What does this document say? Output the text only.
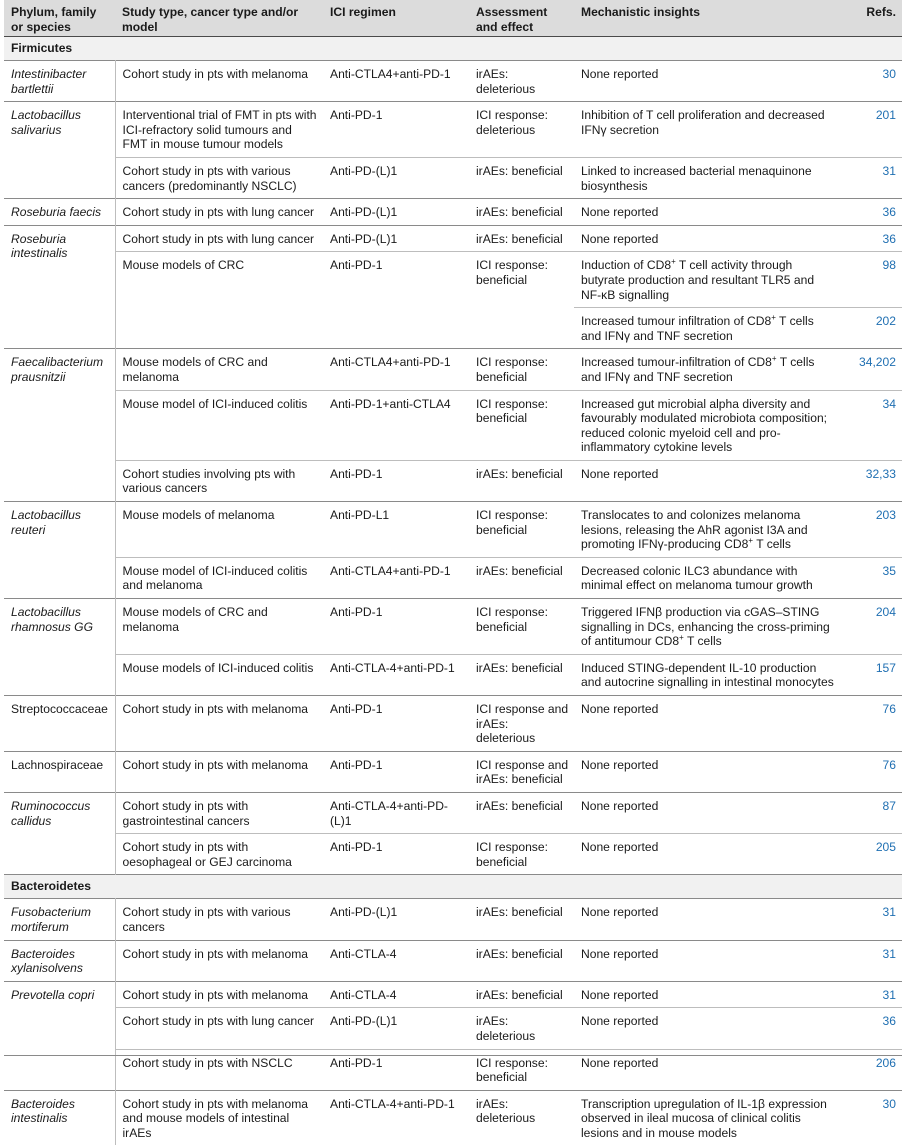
Phylum, family or species	Study type, cancer type and/or model	ICI regimen	Assessment and effect	Mechanistic insights	Refs.
Firmicutes					
Intestinibacter bartlettii	Cohort study in pts with melanoma	Anti-CTLA4+anti-PD-1	irAEs: deleterious	None reported	30
Lactobacillus salivarius	Interventional trial of FMT in pts with ICI-refractory solid tumours and FMT in mouse tumour models	Anti-PD-1	ICI response: deleterious	Inhibition of T cell proliferation and decreased IFNγ secretion	201
	Cohort study in pts with various cancers (predominantly NSCLC)	Anti-PD-(L)1	irAEs: beneficial	Linked to increased bacterial menaquinone biosynthesis	31
Roseburia faecis	Cohort study in pts with lung cancer	Anti-PD-(L)1	irAEs: beneficial	None reported	36
Roseburia intestinalis	Cohort study in pts with lung cancer	Anti-PD-(L)1	irAEs: beneficial	None reported	36
	Mouse models of CRC	Anti-PD-1	ICI response: beneficial	Induction of CD8+ T cell activity through butyrate production and resultant TLR5 and NF-κB signalling	98
				Increased tumour infiltration of CD8+ T cells and IFNγ and TNF secretion	202
Faecalibacterium prausnitzii	Mouse models of CRC and melanoma	Anti-CTLA4+anti-PD-1	ICI response: beneficial	Increased tumour-infiltration of CD8+ T cells and IFNγ and TNF secretion	34,202
	Mouse model of ICI-induced colitis	Anti-PD-1+anti-CTLA4	ICI response: beneficial	Increased gut microbial alpha diversity and favourably modulated microbiota composition; reduced colonic myeloid cell and pro-inflammatory cytokine levels	34
	Cohort studies involving pts with various cancers	Anti-PD-1	irAEs: beneficial	None reported	32,33
Lactobacillus reuteri	Mouse models of melanoma	Anti-PD-L1	ICI response: beneficial	Translocates to and colonizes melanoma lesions, releasing the AhR agonist I3A and promoting IFNγ-producing CD8+ T cells	203
	Mouse model of ICI-induced colitis and melanoma	Anti-CTLA4+anti-PD-1	irAEs: beneficial	Decreased colonic ILC3 abundance with minimal effect on melanoma tumour growth	35
Lactobacillus rhamnosus GG	Mouse models of CRC and melanoma	Anti-PD-1	ICI response: beneficial	Triggered IFNβ production via cGAS–STING signalling in DCs, enhancing the cross-priming of antitumour CD8+ T cells	204
	Mouse models of ICI-induced colitis	Anti-CTLA-4+anti-PD-1	irAEs: beneficial	Induced STING-dependent IL-10 production and autocrine signalling in intestinal monocytes	157
Streptococcaceae	Cohort study in pts with melanoma	Anti-PD-1	ICI response and irAEs: deleterious	None reported	76
Lachnospiraceae	Cohort study in pts with melanoma	Anti-PD-1	ICI response and irAEs: beneficial	None reported	76
Ruminococcus callidus	Cohort study in pts with gastrointestinal cancers	Anti-CTLA-4+anti-PD-(L)1	irAEs: beneficial	None reported	87
	Cohort study in pts with oesophageal or GEJ carcinoma	Anti-PD-1	ICI response: beneficial	None reported	205
Bacteroidetes					
Fusobacterium mortiferum	Cohort study in pts with various cancers	Anti-PD-(L)1	irAEs: beneficial	None reported	31
Bacteroides xylanisolvens	Cohort study in pts with melanoma	Anti-CTLA-4	irAEs: beneficial	None reported	31
Prevotella copri	Cohort study in pts with melanoma	Anti-CTLA-4	irAEs: beneficial	None reported	31
	Cohort study in pts with lung cancer	Anti-PD-(L)1	irAEs: deleterious	None reported	36
	Cohort study in pts with NSCLC	Anti-PD-1	ICI response: beneficial	None reported	206
Bacteroides intestinalis	Cohort study in pts with melanoma and mouse models of intestinal irAEs	Anti-CTLA-4+anti-PD-1	irAEs: deleterious	Transcription upregulation of IL-1β expression observed in ileal mucosa of clinical colitis lesions and in mouse models	30
